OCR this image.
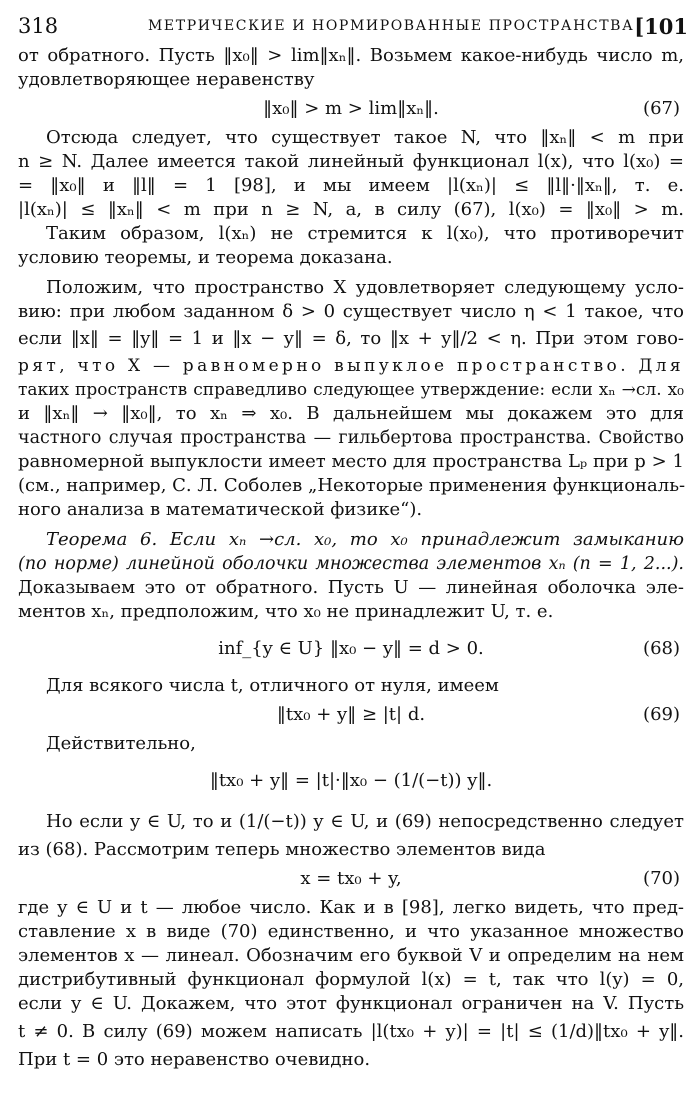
318	МЕТРИЧЕСКИЕ И НОРМИРОВАННЫЕ ПРОСТРАНСТВА [101

от обратного. Пусть ‖x₀‖ > lim‖xₙ‖. Возьмем какое-нибудь число m,

удовлетворяющее неравенству

‖x₀‖ > m > lim‖xₙ‖.	(67)

Отсюда следует, что существует такое N, что ‖xₙ‖ < m при

n ≥ N. Далее имеется такой линейный функционал l(x), что l(x₀) =

= ‖x₀‖ и ‖l‖ = 1 [98], и мы имеем |l(xₙ)| ≤ ‖l‖·‖xₙ‖, т. е.

|l(xₙ)| ≤ ‖xₙ‖ < m при n ≥ N, а, в силу (67), l(x₀) = ‖x₀‖ > m.

Таким образом, l(xₙ) не стремится к l(x₀), что противоречит

условию теоремы, и теорема доказана.

Положим, что пространство X удовлетворяет следующему усло-

вию: при любом заданном δ > 0 существует число η < 1 такое, что

если ‖x‖ = ‖y‖ = 1 и ‖x − y‖ = δ, то ‖x + y‖/2 < η. При этом гово-

рят, что X — равномерно выпуклое пространство. Для

таких пространств справедливо следующее утверждение: если xₙ →сл. x₀

и ‖xₙ‖ → ‖x₀‖, то xₙ ⇒ x₀. В дальнейшем мы докажем это для

частного случая пространства — гильбертова пространства. Свойство

равномерной выпуклости имеет место для пространства Lₚ при p > 1

(см., например, С. Л. Соболев „Некоторые применения функциональ-

ного анализа в математической физике“).

Теорема 6. Если xₙ →сл. x₀, то x₀ принадлежит замыканию

(по норме) линейной оболочки множества элементов xₙ (n = 1, 2...).

Доказываем это от обратного. Пусть U — линейная оболочка эле-

ментов xₙ, предположим, что x₀ не принадлежит U, т. е.

inf_{y ∈ U} ‖x₀ − y‖ = d > 0.	(68)

Для всякого числа t, отличного от нуля, имеем

‖tx₀ + y‖ ≥ |t| d.	(69)

Действительно,

‖tx₀ + y‖ = |t|·‖x₀ − (1/(−t)) y‖.

Но если y ∈ U, то и (1/(−t)) y ∈ U, и (69) непосредственно следует

из (68). Рассмотрим теперь множество элементов вида

x = tx₀ + y,	(70)

где y ∈ U и t — любое число. Как и в [98], легко видеть, что пред-

ставление x в виде (70) единственно, и что указанное множество

элементов x — линеал. Обозначим его буквой V и определим на нем

дистрибутивный функционал формулой l(x) = t, так что l(y) = 0,

если y ∈ U. Докажем, что этот функционал ограничен на V. Пусть

t ≠ 0. В силу (69) можем написать |l(tx₀ + y)| = |t| ≤ (1/d)‖tx₀ + y‖.

При t = 0 это неравенство очевидно.
